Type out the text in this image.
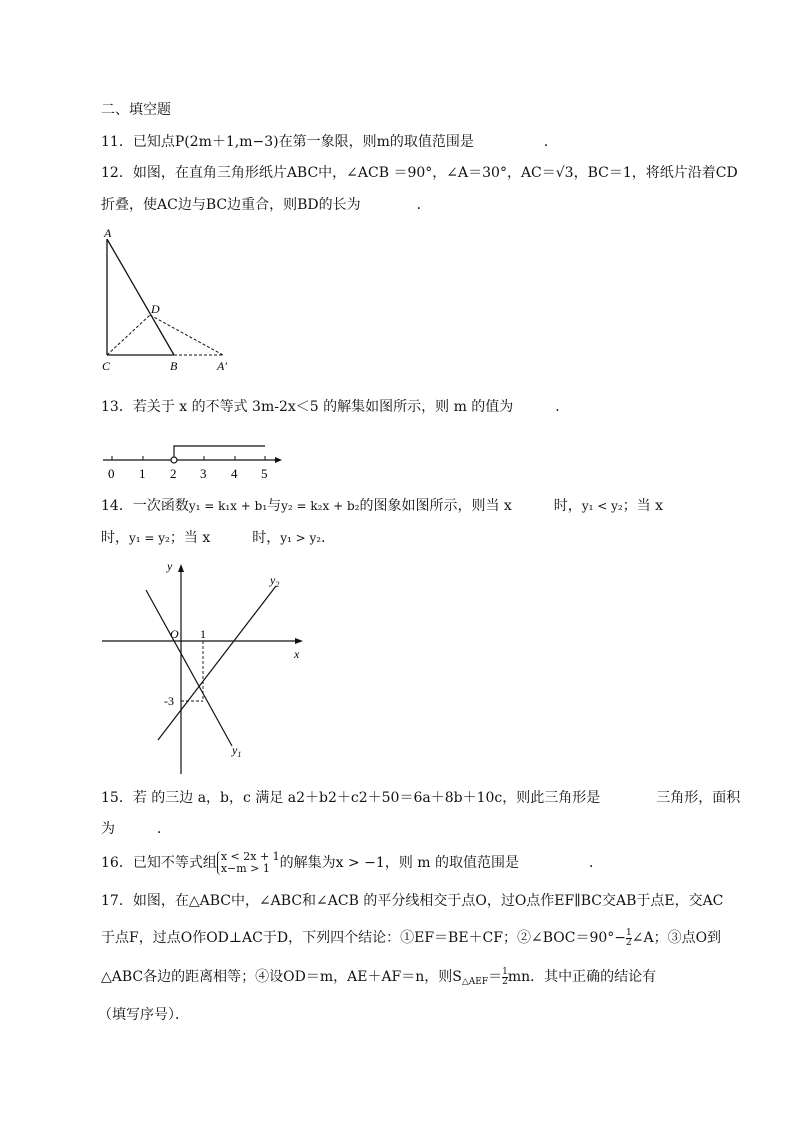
二、填空题
11．已知点P(2m＋1,m−3)在第一象限，则m的取值范围是　　　　　．
12．如图，在直角三角形纸片ABC中，∠ACB ＝90°，∠A＝30°，AC＝√3，BC＝1，将纸片沿着CD
折叠，使AC边与BC边重合，则BD的长为　　　　．
A
D
C	B	A′
13．若关于 x 的不等式 3m-2x＜5 的解集如图所示，则 m 的值为　　　．
0 1 2 3 4 5
14．一次函数y₁ = k₁x + b₁与y₂ = k₂x + b₂的图象如图所示，则当 x　　　时，y₁ < y₂；当 x
时，y₁ = y₂；当 x　　　时，y₁ > y₂．
y
x
O 1
-3
$y_2$
$y_1$
15．若 的三边 a，b，c 满足 a2＋b2＋c2＋50＝6a＋8b＋10c，则此三角形是　　　　三角形，面积
为　　　．
16．已知不等式组 x < 2x + 1
x−m > 1 的解集为x > −1，则 m 的取值范围是　　　　　．
17．如图，在△ABC中，∠ABC和∠ACB 的平分线相交于点O，过O点作EF∥BC交AB于点E，交AC
于点F，过点O作OD⊥AC于D，下列四个结论：①EF＝BE＋CF；②∠BOC＝90°− $\frac{1}{2}$ ∠A；③点O到
△ABC各边的距离相等；④设OD＝m，AE＋AF＝n，则$S_{\triangle AEF}= \frac{1}{2}$ mn．其中正确的结论有
（填写序号）．
